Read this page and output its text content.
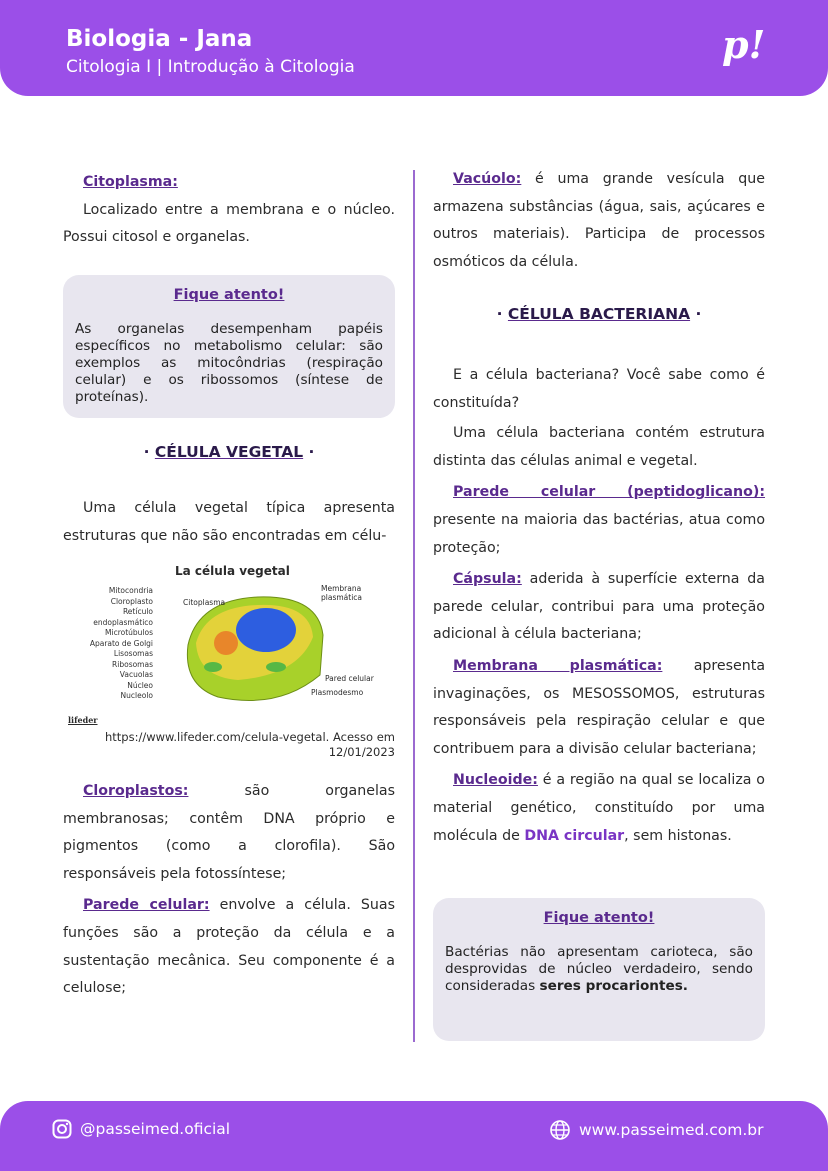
Biologia - Jana
Citologia I | Introdução à Citologia	p!

Citoplasma:

Localizado entre a membrana e o núcleo. Possui citosol e organelas.

Fique atento!
As organelas desempenham papéis específicos no metabolismo celular: são exemplos as mitocôndrias (respiração celular) e os ribossomos (síntese de proteínas).
· CÉLULA VEGETAL ·

Uma célula vegetal típica apresenta estruturas que não são encontradas em célu-

La célula vegetal
Mitocondria
Cloroplasto
Retículo endoplasmático
Microtúbulos
Aparato de Golgi
Lisosomas
Ribosomas
Vacuolas
Núcleo
Nucleolo
Citoplasma
Membrana plasmática
Pared celular
Plasmodesmo
lifeder
https://www.lifeder.com/celula-vegetal. Acesso em 12/01/2023

Cloroplastos: são organelas membranosas; contêm DNA próprio e pigmentos (como a clorofila). São responsáveis pela fotossíntese;

Parede celular: envolve a célula. Suas funções são a proteção da célula e a sustentação mecânica. Seu componente é a celulose;

Vacúolo: é uma grande vesícula que armazena substâncias (água, sais, açúcares e outros materiais). Participa de processos osmóticos da célula.

· CÉLULA BACTERIANA ·

E a célula bacteriana? Você sabe como é constituída?

Uma célula bacteriana contém estrutura distinta das células animal e vegetal.

Parede celular (peptidoglicano): presente na maioria das bactérias, atua como proteção;

Cápsula: aderida à superfície externa da parede celular, contribui para uma proteção adicional à célula bacteriana;

Membrana plasmática: apresenta invaginações, os MESOSSOMOS, estruturas responsáveis pela respiração celular e que contribuem para a divisão celular bacteriana;

Nucleoide: é a região na qual se localiza o material genético, constituído por uma molécula de DNA circular, sem histonas.

Fique atento!
Bactérias não apresentam carioteca, são desprovidas de núcleo verdadeiro, sendo consideradas seres procariontes.
@passeimed.oficial	www.passeimed.com.br
